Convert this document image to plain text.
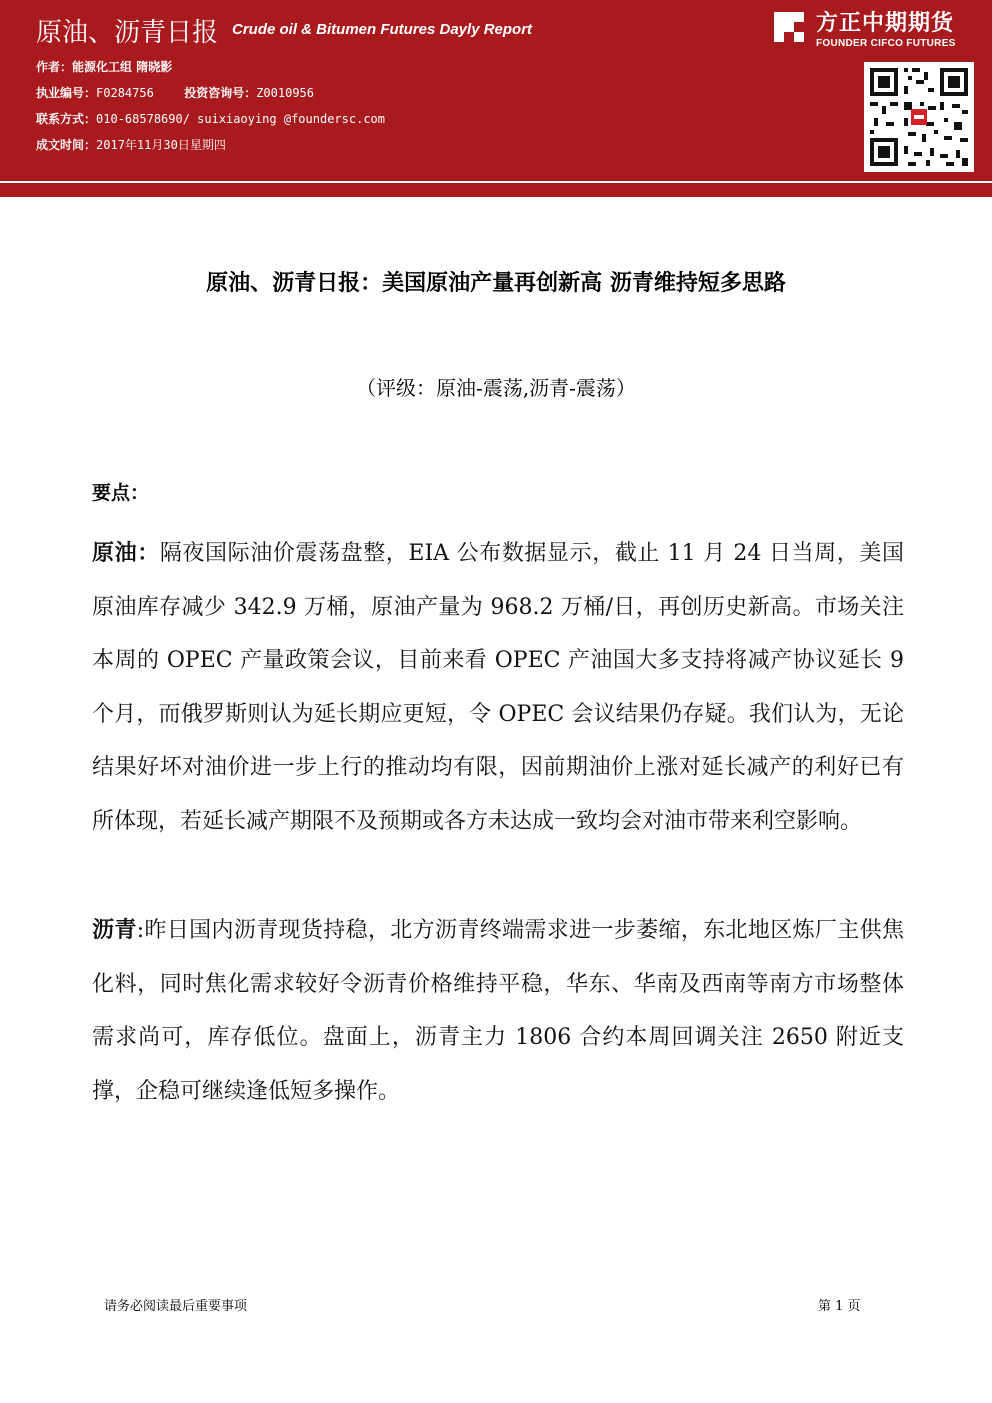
原油、沥青日报 Crude oil & Bitumen Futures Dayly Report
作者：能源化工组 隋晓影
执业编号：F0284756	投资咨询号：Z0010956
联系方式：010-68578690/ suixiaoying @foundersc.com
成文时间：2017年11月30日星期四
方正中期期货
FOUNDER CIFCO FUTURES
原油、沥青日报：美国原油产量再创新高 沥青维持短多思路
（评级：原油-震荡,沥青-震荡）
要点：
原油：隔夜国际油价震荡盘整，EIA 公布数据显示，截止 11 月 24 日当周，美国原油库存减少 342.9 万桶，原油产量为 968.2 万桶/日，再创历史新高。市场关注本周的 OPEC 产量政策会议，目前来看 OPEC 产油国大多支持将减产协议延长 9 个月，而俄罗斯则认为延长期应更短，令 OPEC 会议结果仍存疑。我们认为，无论结果好坏对油价进一步上行的推动均有限，因前期油价上涨对延长减产的利好已有所体现，若延长减产期限不及预期或各方未达成一致均会对油市带来利空影响。
沥青:昨日国内沥青现货持稳，北方沥青终端需求进一步萎缩，东北地区炼厂主供焦化料，同时焦化需求较好令沥青价格维持平稳，华东、华南及西南等南方市场整体需求尚可，库存低位。盘面上，沥青主力 1806 合约本周回调关注 2650 附近支撑，企稳可继续逢低短多操作。
请务必阅读最后重要事项	第 1 页
